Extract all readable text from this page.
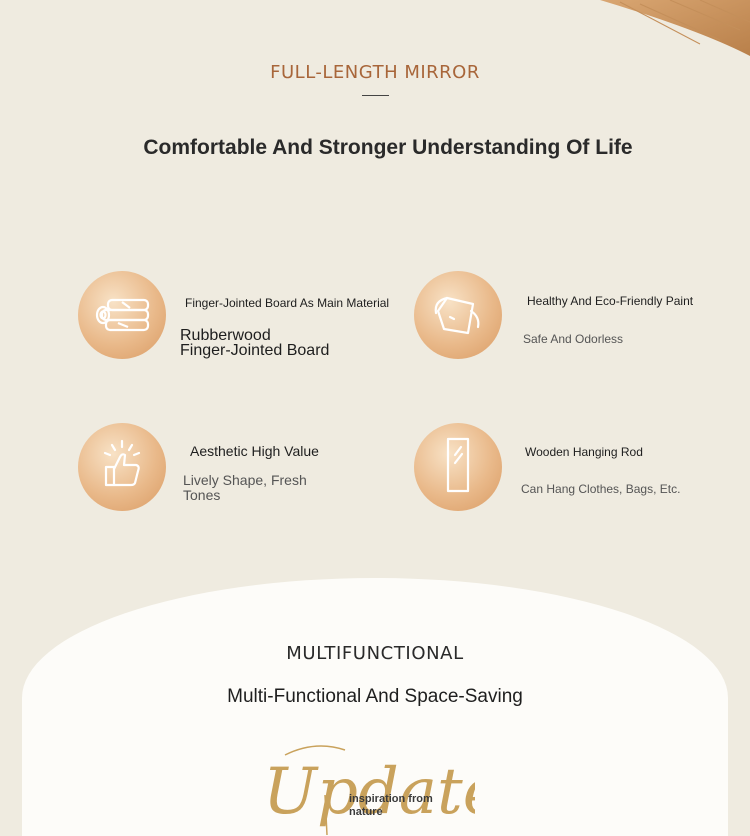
FULL-LENGTH MIRROR
Comfortable And Stronger Understanding Of Life
Finger-Jointed Board As Main Material
Rubberwood
Finger-Jointed Board
Healthy And Eco-Friendly Paint
Safe And Odorless
Aesthetic High Value
Lively Shape, Fresh
Tones
Wooden Hanging Rod
Can Hang Clothes, Bags, Etc.
MULTIFUNCTIONAL
Multi-Functional And Space-Saving
Updat
inspiration from
nature
